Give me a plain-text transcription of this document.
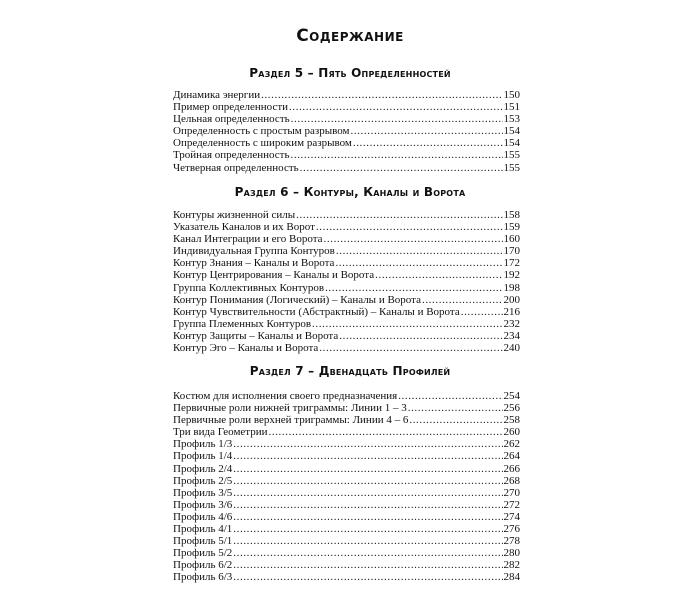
Содержание
Раздел 5 – Пять Определенностей
Динамика энергии .....	150
Пример определенности .....	151
Цельная определенность .....	153
Определенность с простым разрывом .....	154
Определенность с широким разрывом .....	154
Тройная определенность .....	155
Четверная определенность .....	155
Раздел 6 – Контуры, Каналы и Ворота
Контуры жизненной силы .....	158
Указатель Каналов и их Ворот .....	159
Канал Интеграции и его Ворота .....	160
Индивидуальная Группа Контуров .....	170
Контур Знания – Каналы и Ворота .....	172
Контур Центрирования – Каналы и Ворота .....	192
Группа Коллективных Контуров .....	198
Контур Понимания (Логический) – Каналы и Ворота .....	200
Контур Чувствительности (Абстрактный) – Каналы и Ворота .....	216
Группа Племенных Контуров .....	232
Контур Защиты – Каналы и Ворота .....	234
Контур Эго – Каналы и Ворота .....	240
Раздел 7 – Двенадцать Профилей
Костюм для исполнения своего предназначения .....	254
Первичные роли нижней триграммы: Линии 1 – 3 .....	256
Первичные роли верхней триграммы: Линии 4 – 6 .....	258
Три вида Геометрии .....	260
Профиль 1/3 .....	262
Профиль 1/4 .....	264
Профиль 2/4 .....	266
Профиль 2/5 .....	268
Профиль 3/5 .....	270
Профиль 3/6 .....	272
Профиль 4/6 .....	274
Профиль 4/1 .....	276
Профиль 5/1 .....	278
Профиль 5/2 .....	280
Профиль 6/2 .....	282
Профиль 6/3 .....	284
